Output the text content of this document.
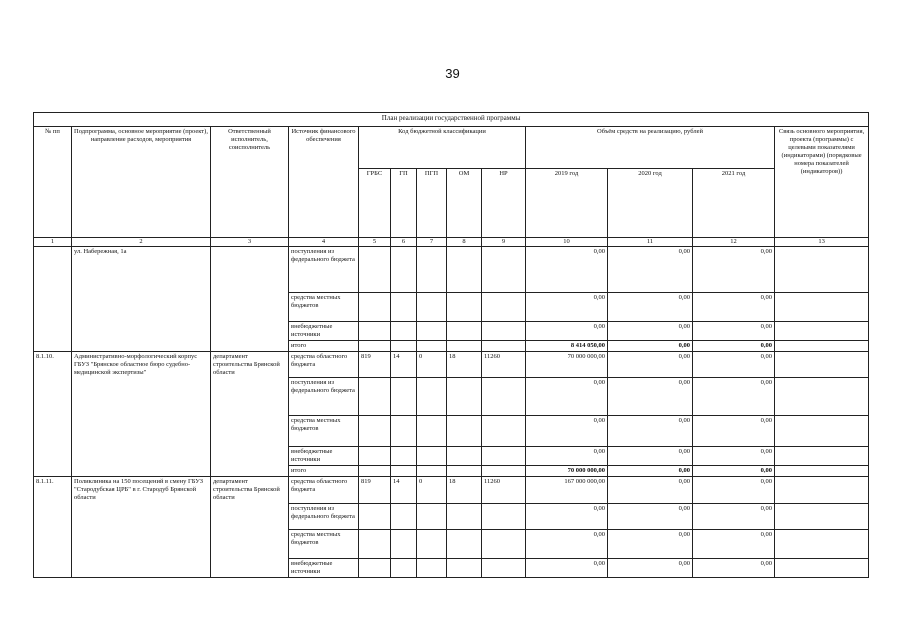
39
План реализации государственной программы												
№ пп	Подпрограмма, основное мероприятие (проект), направление расходов, мероприятия	Ответственный исполнитель, соисполнитель	Источник финансового обеспечения	Код бюджетной классификации					Объём средств на реализацию, рублей			Связь основного мероприятия, проекта (программы) с целевыми показателями (индикаторами) (порядковые номера показателей (индикаторов))
				ГРБС	ГП	ПГП	ОМ	НР	2019 год	2020 год	2021 год	
1	2	3	4	5	6	7	8	9	10	11	12	13
	ул. Набережная, 1а		поступления из федерального бюджета						0,00	0,00	0,00	
			средства местных бюджетов						0,00	0,00	0,00	
			внебюджетные источники						0,00	0,00	0,00	
			итого						8 414 050,00	0,00	0,00	
8.1.10.	Административно-морфологический корпус ГБУЗ "Брянское областное бюро судебно-медицинской экспертизы"	департамент строительства Брянской области	средства областного бюджета	819	14	0	18	11260	70 000 000,00	0,00	0,00	
			поступления из федерального бюджета						0,00	0,00	0,00	
			средства местных бюджетов						0,00	0,00	0,00	
			внебюджетные источники						0,00	0,00	0,00	
			итого						70 000 000,00	0,00	0,00	
8.1.11.	Поликлиника на 150 посещений в смену ГБУЗ "Стародубская ЦРБ" в г. Стародуб Брянской области	департамент строительства Брянской области	средства областного бюджета	819	14	0	18	11260	167 000 000,00	0,00	0,00	
			поступления из федерального бюджета						0,00	0,00	0,00	
			средства местных бюджетов						0,00	0,00	0,00	
			внебюджетные источники						0,00	0,00	0,00	
